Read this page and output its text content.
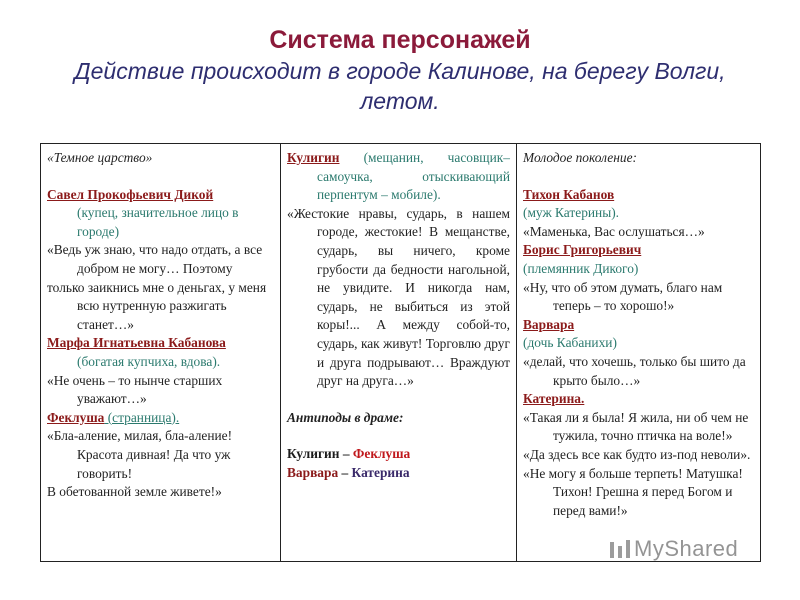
Система персонажей
Действие происходит в городе Калинове, на берегу Волги, летом.
«Темное царство»
Савел Прокофьевич Дикой
(купец, значительное лицо в городе)
«Ведь уж знаю, что надо отдать, а все добром не могу… Поэтому
только заикнись мне о деньгах, у меня всю нутренную разжигать станет…»
Марфа Игнатьевна Кабанова
(богатая купчиха, вдова).
«Не очень – то нынче старших уважают…»
Феклуша (странница).
«Бла-аление, милая, бла-аление! Красота дивная! Да что уж говорить!
В обетованной земле живете!»

Кулигин (мещанин, часовщик–самоучка, отыскивающий перпентум – мобиле).
«Жестокие нравы, сударь, в нашем городе, жестокие! В мещанстве, сударь, вы ничего, кроме грубости да бедности нагольной, не увидите. И никогда нам, сударь, не выбиться из этой коры!... А между собой-то, сударь, как живут! Торговлю друг и друга подрывают… Враждуют друг на друга…»
Антиподы в драме:
Кулигин – Феклуша
Варвара – Катерина

Молодое поколение:
Тихон Кабанов
(муж Катерины).
«Маменька, Вас ослушаться…»
Борис Григорьевич
(племянник Дикого)
«Ну, что об этом думать, благо нам теперь – то хорошо!»
Варвара
(дочь Кабанихи)
«делай, что хочешь, только бы шито да крыто было…»
Катерина.
«Такая ли я была! Я жила, ни об чем не тужила, точно птичка на воле!»
«Да здесь все как будто из-под неволи».
«Не могу я больше терпеть! Матушка! Тихон! Грешна я перед Богом и перед вами!»
MyShared
